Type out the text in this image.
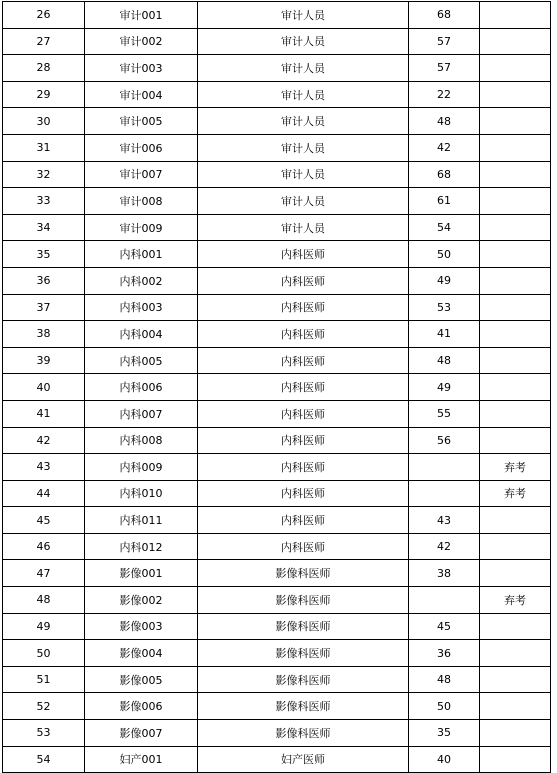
26	审计001	审计人员	68	
27	审计002	审计人员	57	
28	审计003	审计人员	57	
29	审计004	审计人员	22	
30	审计005	审计人员	48	
31	审计006	审计人员	42	
32	审计007	审计人员	68	
33	审计008	审计人员	61	
34	审计009	审计人员	54	
35	内科001	内科医师	50	
36	内科002	内科医师	49	
37	内科003	内科医师	53	
38	内科004	内科医师	41	
39	内科005	内科医师	48	
40	内科006	内科医师	49	
41	内科007	内科医师	55	
42	内科008	内科医师	56	
43	内科009	内科医师		弃考
44	内科010	内科医师		弃考
45	内科011	内科医师	43	
46	内科012	内科医师	42	
47	影像001	影像科医师	38	
48	影像002	影像科医师		弃考
49	影像003	影像科医师	45	
50	影像004	影像科医师	36	
51	影像005	影像科医师	48	
52	影像006	影像科医师	50	
53	影像007	影像科医师	35	
54	妇产001	妇产医师	40	
